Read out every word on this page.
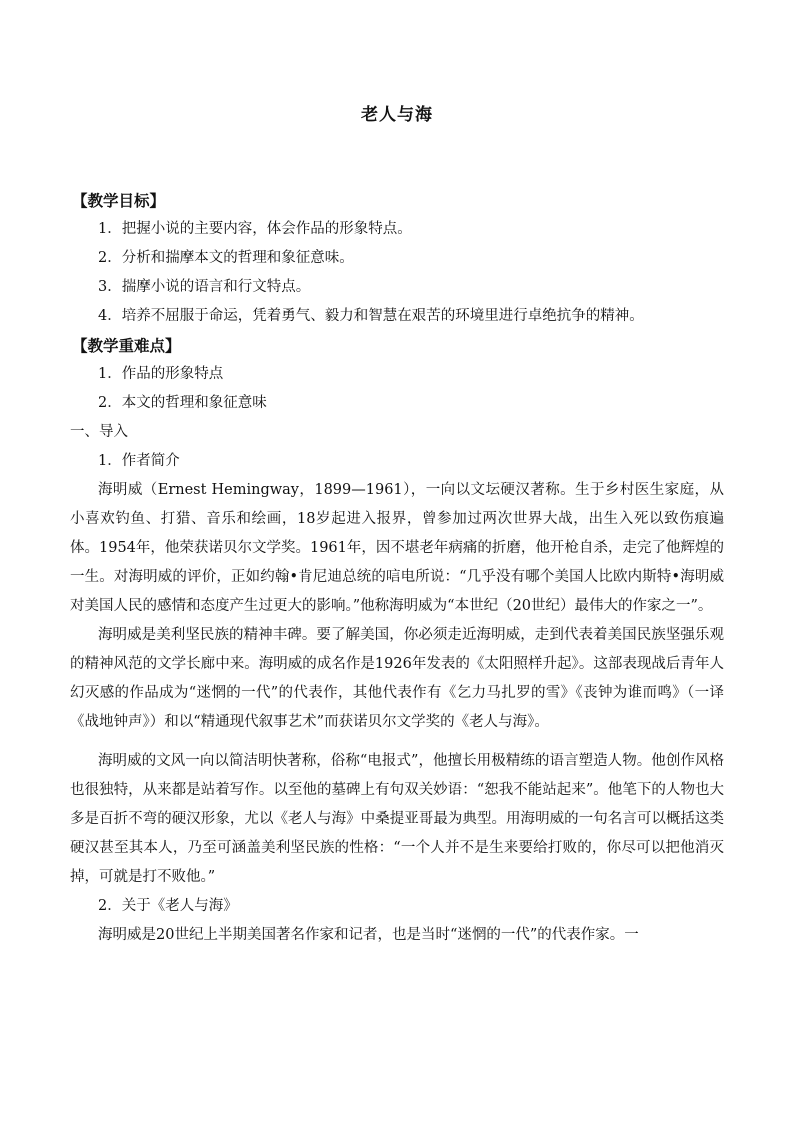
老人与海
【教学目标】
1．把握小说的主要内容，体会作品的形象特点。
2．分析和揣摩本文的哲理和象征意味。
3．揣摩小说的语言和行文特点。
4．培养不屈服于命运，凭着勇气、毅力和智慧在艰苦的环境里进行卓绝抗争的精神。
【教学重难点】
1．作品的形象特点
2．本文的哲理和象征意味
一、导入
1．作者简介

海明威（Ernest Hemingway，1899—1961），一向以文坛硬汉著称。生于乡村医生家庭，从小喜欢钓鱼、打猎、音乐和绘画，18岁起进入报界，曾参加过两次世界大战，出生入死以致伤痕遍体。1954年，他荣获诺贝尔文学奖。1961年，因不堪老年病痛的折磨，他开枪自杀，走完了他辉煌的一生。对海明威的评价，正如约翰•肯尼迪总统的唁电所说：“几乎没有哪个美国人比欧内斯特•海明威对美国人民的感情和态度产生过更大的影响。”他称海明威为“本世纪（20世纪）最伟大的作家之一”。

海明威是美利坚民族的精神丰碑。要了解美国，你必须走近海明威，走到代表着美国民族坚强乐观的精神风范的文学长廊中来。海明威的成名作是1926年发表的《太阳照样升起》。这部表现战后青年人幻灭感的作品成为“迷惘的一代”的代表作，其他代表作有《乞力马扎罗的雪》《丧钟为谁而鸣》（一译《战地钟声》）和以“精通现代叙事艺术”而获诺贝尔文学奖的《老人与海》。

海明威的文风一向以简洁明快著称，俗称“电报式”，他擅长用极精练的语言塑造人物。他创作风格也很独特，从来都是站着写作。以至他的墓碑上有句双关妙语：“恕我不能站起来”。他笔下的人物也大多是百折不弯的硬汉形象，尤以《老人与海》中桑提亚哥最为典型。用海明威的一句名言可以概括这类硬汉甚至其本人，乃至可涵盖美利坚民族的性格：“一个人并不是生来要给打败的，你尽可以把他消灭掉，可就是打不败他。”

2．关于《老人与海》

海明威是20世纪上半期美国著名作家和记者，也是当时“迷惘的一代”的代表作家。一
